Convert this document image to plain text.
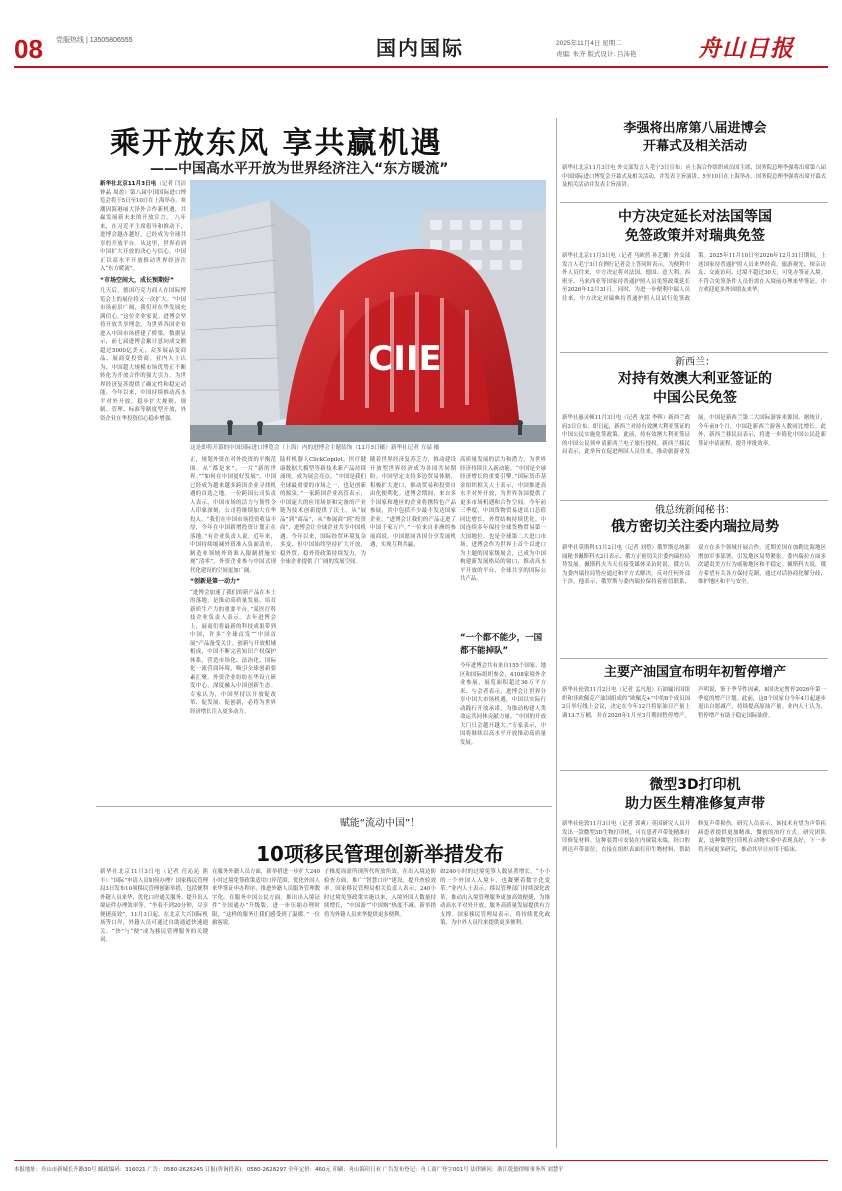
08 党服热线 | 13505806555	国内国际	2025年11月4日 星期二
责编: 朱齐 版式设计: 吕沛艳	舟山日报
乘开放东风 享共赢机遇
——中国高水平开放为世界经济注入“东方暖流”
新华社北京11月3日电（记者 闫洁 钟晶 周盈）第八届中国国际进口博览会将于5日至10日在上海举办。寒潮因海港丽大泽外合作新机遇，共赢发展新未来的开放宣言。 八年来，在习近平主席倡导和推动下，进博会越办越好，已经成为全球共享的开放平台。从这里，世界看到中国扩大开放的决心与信心，中国正以高水平开放推动世界经济注入“东方暖流”。
“市场空间大，成长预期好”
几天后，德国巧克力商人在国际博览会上的展位将又一次扩大。“中国市场前景广阔，我们对在华发展充满信心。”这位企业家说。进博会坚持开放共享理念，为世界各国企业进入中国市场搭建了桥梁。数据显示，前七届进博会累计意向成交额超过5000亿美元，众多展品变商品、展商变投资商。业内人士认为，中国超大规模市场优势正不断转化为开放合作的强大引力，为世界经济复苏提供了确定性和稳定动能。今年以来，中国持续推动高水平对外开放，稳步扩大规则、规制、管理、标准等制度型开放，外资企业在华投资信心稳步增强。
CIIE
这是即将开幕的中国国际进口博览会（上海）内的进博会主题装饰（11月3日摄）新华社记者 方喆 摄
正，规划外资在对外投资的平衡范围。从“都是来”，一片“新的世界。”“如何在中国更好发展”，中国已经成为越来越多跨国企业寻找机遇的首选之地。一位跨国公司负责人表示，中国市场的活力与韧性令人印象深刻，公司将继续加大在华投入。“我们在中国市场投资收益丰厚，今年在中国新增投资计划正在落地。”有企业负责人说。近年来，中国持续缩减外资准入负面清单，制造业领域外资准入限制措施实现“清零”，外资企业参与中国式现代化建设的空间更加广阔。
“创新是第一动力”
“进博会加速了我们的新产品在本土的落地，是推动高质量发展、培育新质生产力的重要平台。”某医疗科技企业负责人表示。去年进博会上，展商们将最新的科技成果带到中国，许多“全球首发”“中国首展”产品备受关注。创新与开放相辅相成，中国不断完善知识产权保护体系，营造市场化、法治化、国际化一流营商环境，吸引全球创新要素汇聚。外资企业纷纷在华设立研发中心，深度融入中国创新生态。专家认为，中国坚持以开放促改革、促发展、促创新，必将为世界经济增长注入更多动力。
陆杆机器人ClickCopilot、医疗健康数据大模型等新技术新产品持续涌现，成为展会亮点。“中国是我们全球最重要的市场之一，也是创新的源泉。”一家跨国企业高管表示，中国庞大的应用场景和完备的产业链为技术创新提供了沃土。从“展品”到“商品”，从“参展商”到“投资商”，进博会让全球企业共享中国机遇。今年以来，国际经贸环境复杂多变，但中国始终坚持扩大开放，稳外贸、稳外资政策持续发力，为全球企业提供了广阔的发展空间。
随着世界经济复苏乏力，推动建设开放型世界经济成为各国共同期盼。中国坚定支持多边贸易体制，积极扩大进口，推动贸易和投资自由化便利化。进博会期间，来自多个国家和地区的企业将携特色产品参展，其中包括不少最不发达国家企业。“进博会让我们的产品走进了中国千家万户。”一位来自非洲的参展商说。中国愿同各国分享发展机遇，实现互利共赢。
高质量发展的活力和潜力，为世界经济持续注入新动能。“中国是全球经济增长的重要引擎。”国际货币基金组织相关人士表示，中国推进高水平对外开放，为世界各国提供了更多市场机遇和合作空间。今年前三季度，中国货物贸易进出口总值同比增长，外贸结构持续优化。中国连续多年保持全球货物贸易第一大国地位，也是全球第二大进口市场。进博会作为世界上首个以进口为主题的国家级展会，已成为中国构建新发展格局的窗口、推动高水平开放的平台、全球共享的国际公共产品。
“一个都不能少，一国都不能掉队”
今年进博会共有来自155个国家、地区和国际组织参会，4108家境外企业参展，展览面积超过36万平方米。与会者表示，进博会让世界分享中国大市场机遇，中国以实际行动践行开放承诺，为推动构建人类命运共同体贡献力量。“中国的开放大门只会越开越大。”专家表示，中国将继续以高水平开放推动高质量发展。
李强将出席第八届进博会
开幕式及相关活动
新华社北京11月3日电 外交部发言人毛宁3日宣布：应上海合作组织成员国主席、国务院总理李强将出席第八届中国国际进口博览会开幕式及相关活动，并发表主旨演讲。5至10日在上海举办。国务院总理李强将出席开幕式及相关活动并发表主旨演讲。
中方决定延长对法国等国
免签政策并对瑞典免签
新华社北京11月3日电（记者 马欧然 孙艺馨）外交部发言人毛宁3日在例行记者会上答问时表示，为便利中外人员往来，中方决定将对法国、德国、意大利、西班牙、马来西亚等国家持普通护照人员免签政策延长至2026年12月31日。同时，为进一步便利中瑞人员往来，中方决定对瑞典持普通护照人员试行免签政策。2025年11月10日至2026年12月31日期间，上述国家持普通护照人员来华经商、旅游观光、探亲访友、交流访问、过境不超过30天，可免办签证入境。不符合免签条件人员仍需在入境前办理来华签证。中方欢迎更多外国朋友来华。
新西兰：
对持有效澳大利亚签证的
中国公民免签
新华社惠灵顿11月3日电（记者 龙雷 李晖）新西兰政府3日宣布，即日起，新西兰对持有效澳大利亚签证的中国公民实施免签政策。此前，持有效澳大利亚签证的中国公民须申请新西兰电子旅行授权。新西兰移民局表示，此举旨在促进两国人员往来，推动旅游业发展。中国是新西兰第二大国际游客来源国。据统计，今年前9个月，中国赴新西兰游客人数同比增长。此外，新西兰移民局表示，将进一步简化中国公民赴新签证申请流程，提升审批效率。
俄总统新闻秘书：
俄方密切关注委内瑞拉局势
新华社莫斯科11月2日电（记者 刘恺）俄罗斯总统新闻秘书佩斯科夫2日表示，俄方正密切关注委内瑞拉局势发展。佩斯科夫当天在接受媒体采访时说，俄方认为委内瑞拉局势应通过和平方式解决，反对任何外部干涉。他表示，俄罗斯与委内瑞拉保持着密切联系，双方在多个领域开展合作。近期美国在加勒比海地区增加军事部署，引发地区局势紧张。委内瑞拉方面多次谴责美方行为威胁地区和平稳定。佩斯科夫说，俄方希望有关各方保持克制，通过对话协商化解分歧，维护地区和平与安全。
主要产油国宣布明年初暂停增产
新华社伦敦11月2日电（记者 孟凡旭）石油输出国组织和非欧佩克产油国组成的“欧佩克+”中的8个成员国2日举行线上会议，决定在今年12月将原油日产量上调13.7万桶，并在2026年1月至3月期间暂停增产。声明说，鉴于季节性因素，8国决定暂停2026年第一季度的增产计划。此前，这8个国家自今年4月起逐步退出自愿减产，持续提高原油产量。业内人士认为，暂停增产有助于稳定国际油价。
微型3D打印机
助力医生精准修复声带
新华社伦敦11月3日电（记者 郭爽）英国研究人员开发出一款微型3D生物打印机，可在患者声带处精准打印修复材料。这种装置可安装在内窥镜末端，经口腔到达声带部位，直接在组织表面打印生物材料，帮助修复声带损伤。研究人员表示，该技术有望为声带疾病患者提供更加精准、微创的治疗方式。研究团队说，这种微型打印机在动物实验中表现良好，下一步将开展更多研究，推动其早日应用于临床。
赋能“流动中国”！
10项移民管理创新举措发布
新华社北京11月3日电（记者 任沁沁 熊丰）“国际”申请人员如何办理？国家移民管理局3日发布10项移民管理创新举措，包括便利外籍人员来华、优化口岸通关服务、提升出入境证件办理效率等。“坐着不到20分钟，尽享便捷高效”。11月3日起，在北京大兴国际机场等口岸，外籍人员可通过自助通道快速通关。“快”与“便”成为移民管理服务的关键词。
在服务外籍人员方面，新举措进一步扩大240小时过境免签政策适用口岸范围，优化外国人来华签证申办程序，推进外籍人员服务管理数字化。在服务中国公民方面，推出出入境证件“全国通办”升级版，进一步压缩办理时限，“这样的服务让我们感受到了温暖。”一位旅客说。
子椎度周盈所现所代所放所效。在出入境边防检查方面，推广“智慧口岸”建设，提升查验效率。国家移民管理局相关负责人表示，240小时过境免签政策实施以来，入境外国人数量持续增长，“中国游”“中国购”热度不减。新举措将为外籍人员来华提供更多便利。
如240小时的过境免签人数显著增长。“小小的一个外国人入境卡，也凝聚着数字化变革。”业内人士表示，移民管理部门持续深化改革，推动出入境管理服务更加高效便捷，为推动高水平对外开放、服务高质量发展提供有力支撑。国家移民管理局表示，将持续优化政策，为中外人员往来提供更多便利。
本报地址：舟山市新城长升路30号 邮政编码：316021 广告：0580-2628245 订报(咨询投诉)：0580-2628297 全年定价：460元 印刷：舟山海印日业 广告发布登记：舟工商广登字001号 法律顾问：浙江乾德律师事务所 刘慧平
